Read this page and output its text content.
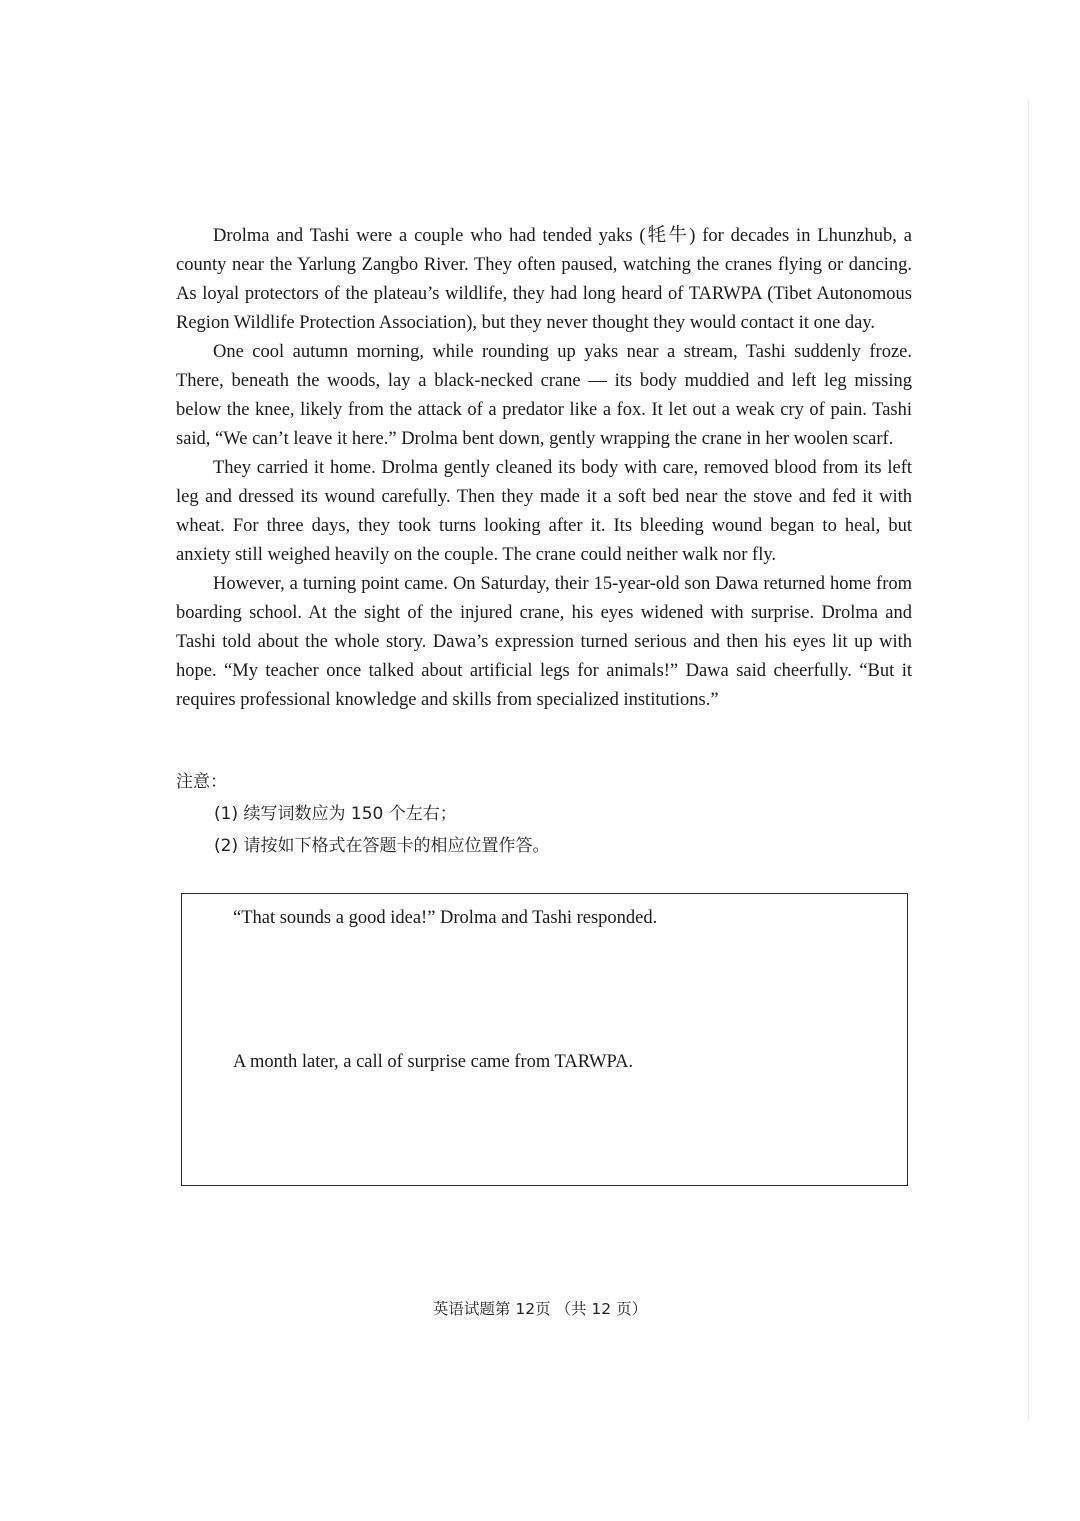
Drolma and Tashi were a couple who had tended yaks (牦牛) for decades in Lhunzhub, a county near the Yarlung Zangbo River. They often paused, watching the cranes flying or dancing. As loyal protectors of the plateau’s wildlife, they had long heard of TARWPA (Tibet Autonomous Region Wildlife Protection Association), but they never thought they would contact it one day.

One cool autumn morning, while rounding up yaks near a stream, Tashi suddenly froze. There, beneath the woods, lay a black-necked crane — its body muddied and left leg missing below the knee, likely from the attack of a predator like a fox. It let out a weak cry of pain. Tashi said, “We can’t leave it here.” Drolma bent down, gently wrapping the crane in her woolen scarf.

They carried it home. Drolma gently cleaned its body with care, removed blood from its left leg and dressed its wound carefully. Then they made it a soft bed near the stove and fed it with wheat. For three days, they took turns looking after it. Its bleeding wound began to heal, but anxiety still weighed heavily on the couple. The crane could neither walk nor fly.

However, a turning point came. On Saturday, their 15-year-old son Dawa returned home from boarding school. At the sight of the injured crane, his eyes widened with surprise. Drolma and Tashi told about the whole story. Dawa’s expression turned serious and then his eyes lit up with hope. “My teacher once talked about artificial legs for animals!” Dawa said cheerfully. “But it requires professional knowledge and skills from specialized institutions.”

注意：

(1) 续写词数应为 150 个左右；

(2) 请按如下格式在答题卡的相应位置作答。

“That sounds a good idea!” Drolma and Tashi responded.
A month later, a call of surprise came from TARWPA.
英语试题第 12页 （共 12 页）
